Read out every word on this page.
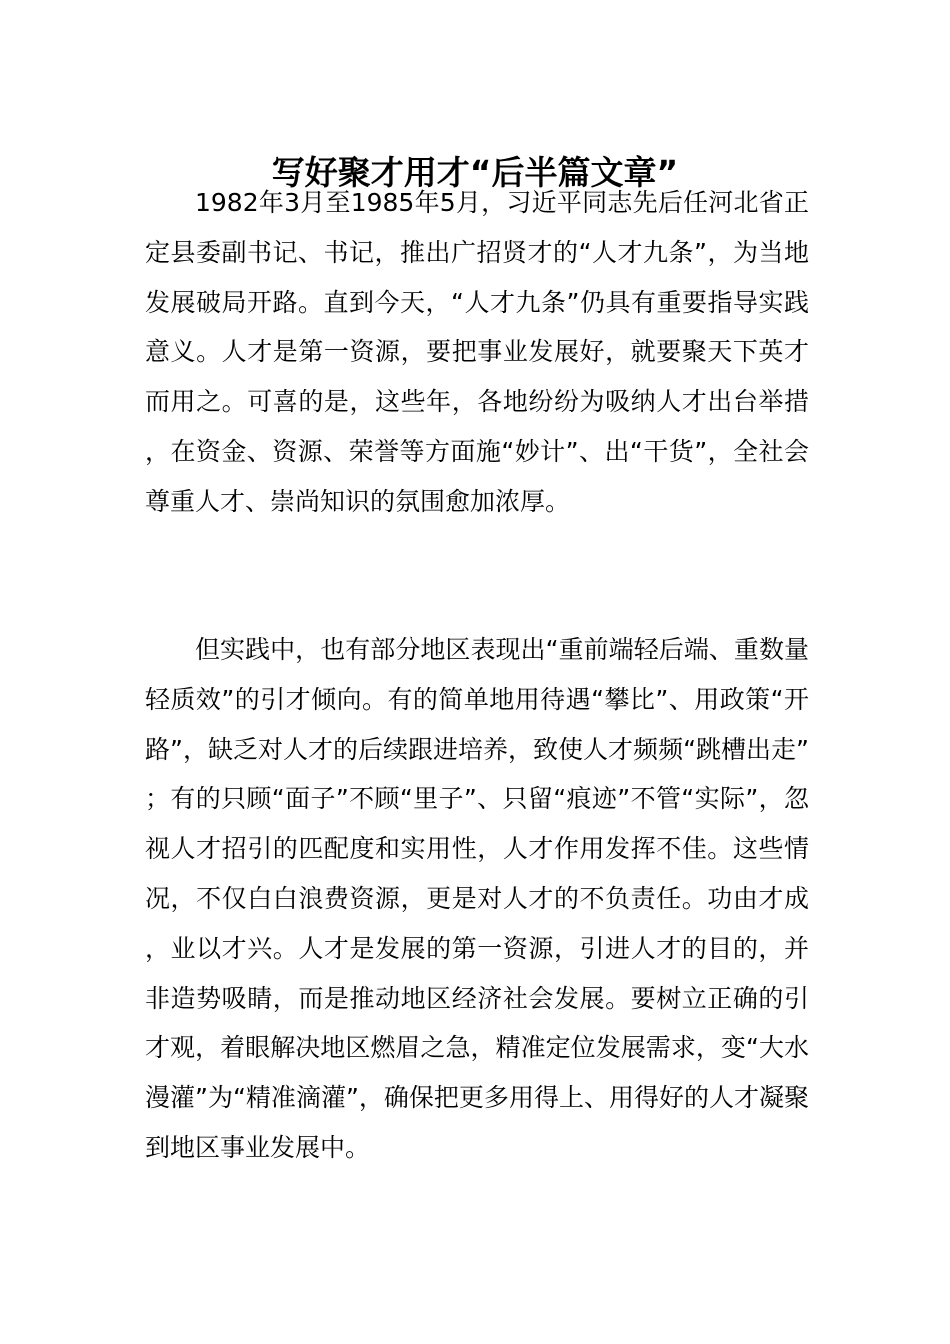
写好聚才用才“后半篇文章”

1982年3月至1985年5月，习近平同志先后任河北省正定县委副书记、书记，推出广招贤才的“人才九条”，为当地发展破局开路。直到今天，“人才九条”仍具有重要指导实践意义。人才是第一资源，要把事业发展好，就要聚天下英才而用之。可喜的是，这些年，各地纷纷为吸纳人才出台举措，在资金、资源、荣誉等方面施“妙计”、出“干货”，全社会尊重人才、崇尚知识的氛围愈加浓厚。

但实践中，也有部分地区表现出“重前端轻后端、重数量轻质效”的引才倾向。有的简单地用待遇“攀比”、用政策“开路”，缺乏对人才的后续跟进培养，致使人才频频“跳槽出走”；有的只顾“面子”不顾“里子”、只留“痕迹”不管“实际”，忽视人才招引的匹配度和实用性，人才作用发挥不佳。这些情况，不仅白白浪费资源，更是对人才的不负责任。功由才成，业以才兴。人才是发展的第一资源，引进人才的目的，并非造势吸睛，而是推动地区经济社会发展。要树立正确的引才观，着眼解决地区燃眉之急，精准定位发展需求，变“大水漫灌”为“精准滴灌”，确保把更多用得上、用得好的人才凝聚到地区事业发展中。
